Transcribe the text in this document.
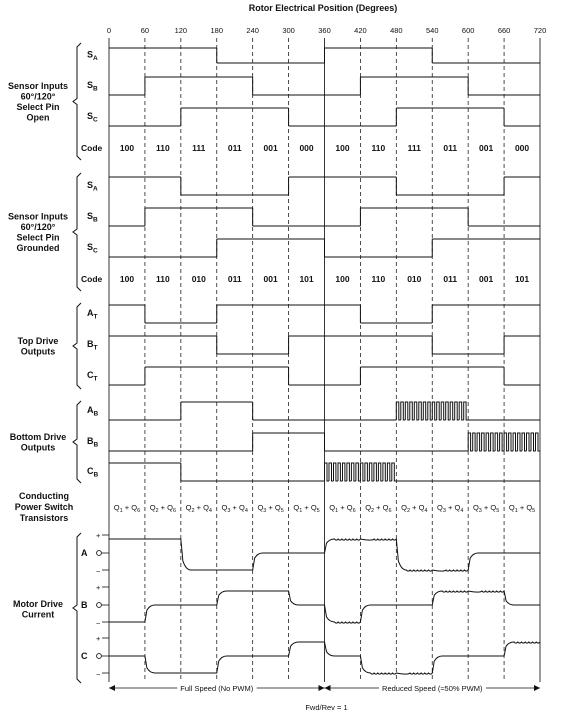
Rotor Electrical Position (Degrees)
0	60	120	180	240	300	360	420	480	540	600	660	720
Sensor Inputs
60°/120°
Select Pin
Open
$S_A$
$S_B$
$S_C$
Code 100	110	111	011	001	000	100	110	111	011	001	000
Sensor Inputs
60°/120°
Select Pin
Grounded
$S_A$
$S_B$
$S_C$
Code 100	110	010	011	001	101	100	110	010	011	001	101
Top Drive
Outputs
$A_T$
$B_T$
$C_T$
Bottom Drive
Outputs
$A_B$
$B_B$
$C_B$
Conducting
Power Switch
Transistors
$Q_1 + Q_6$ $Q_2 + Q_6$ $Q_2 + Q_4$ $Q_3 + Q_4$ $Q_3 + Q_5$ $Q_1 + Q_5$ $Q_1 + Q_6$ $Q_2 + Q_6$ $Q_2 + Q_4$ $Q_3 + Q_4$ $Q_3 + Q_5$ $Q_1 + Q_5$
Motor Drive
Current
A
+
−
B
+
−
C
+
−
Full Speed (No PWM)	Reduced Speed (≈50% PWM)
Fwd/Rev = 1
